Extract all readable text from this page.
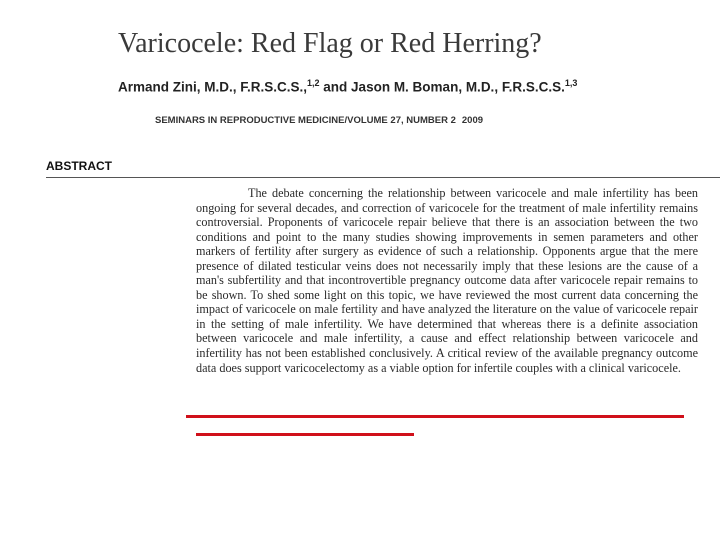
Varicocele: Red Flag or Red Herring?
Armand Zini, M.D., F.R.S.C.S.,$^{1,2}$ and Jason M. Boman, M.D., F.R.S.C.S.$^{1,3}$
SEMINARS IN REPRODUCTIVE MEDICINE/VOLUME 27, NUMBER 2 2009
ABSTRACT

The debate concerning the relationship between varicocele and male infertility has been ongoing for several decades, and correction of varicocele for the treatment of male infertility remains controversial. Proponents of varicocele repair believe that there is an association between the two conditions and point to the many studies showing improvements in semen parameters and other markers of fertility after surgery as evidence of such a relationship. Opponents argue that the mere presence of dilated testicular veins does not necessarily imply that these lesions are the cause of a man's subfertility and that incontrovertible pregnancy outcome data after varicocele repair remains to be shown. To shed some light on this topic, we have reviewed the most current data concerning the impact of varicocele on male fertility and have analyzed the literature on the value of varicocele repair in the setting of male infertility. We have determined that whereas there is a definite association between varicocele and male infertility, a cause and effect relationship between varicocele and infertility has not been established conclusively. A critical review of the available pregnancy outcome data does support varicocelectomy as a viable option for infertile couples with a clinical varicocele.
